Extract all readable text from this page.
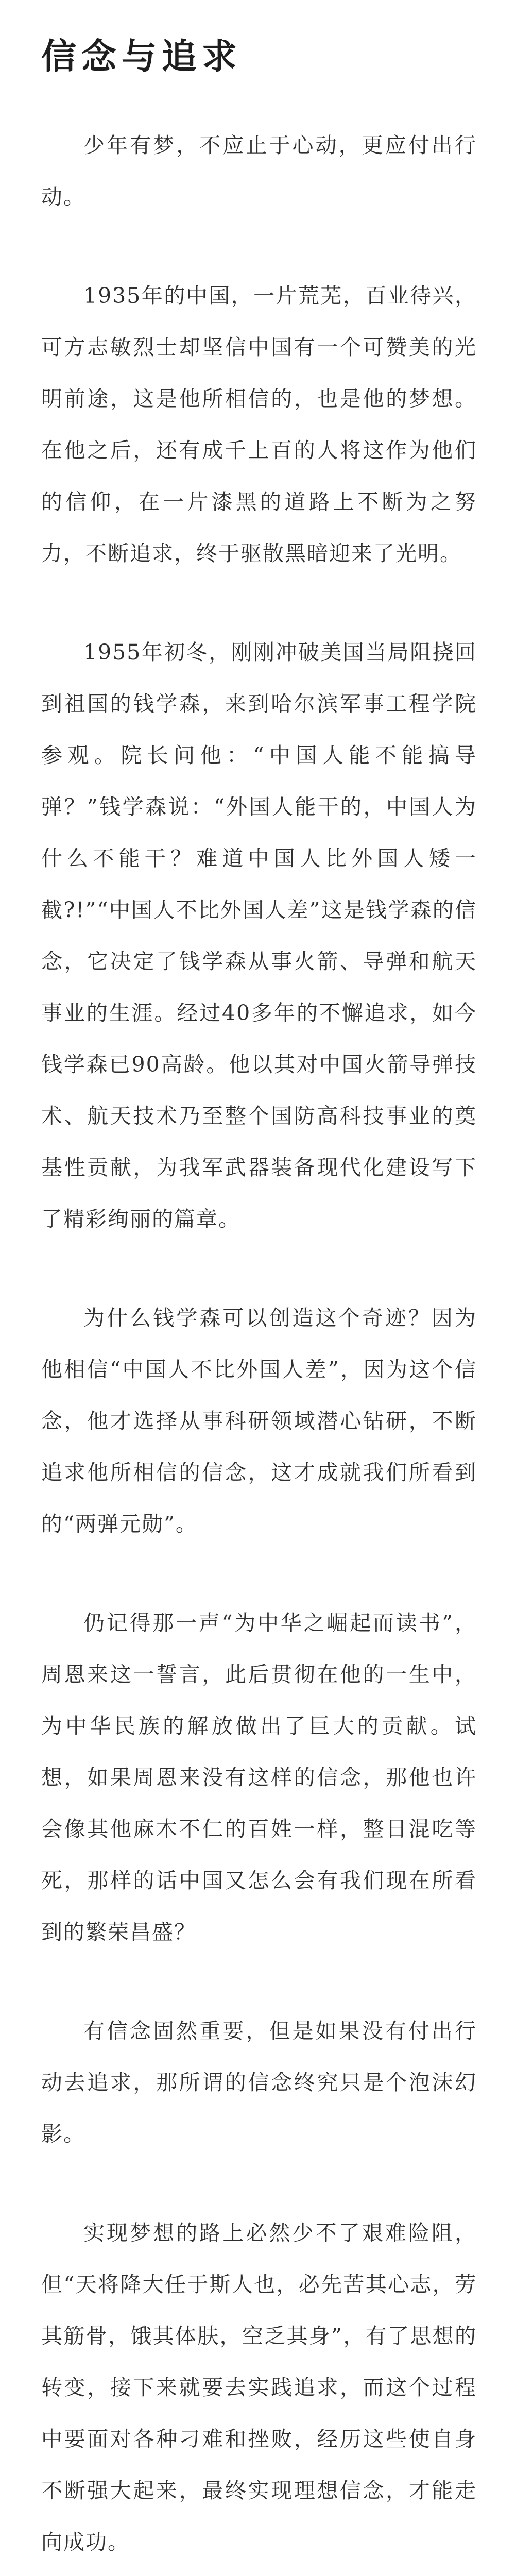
信念与追求

少年有梦，不应止于心动，更应付出行动。

1935年的中国，一片荒芜，百业待兴，可方志敏烈士却坚信中国有一个可赞美的光明前途，这是他所相信的，也是他的梦想。在他之后，还有成千上百的人将这作为他们的信仰，在一片漆黑的道路上不断为之努力，不断追求，终于驱散黑暗迎来了光明。

1955年初冬，刚刚冲破美国当局阻挠回到祖国的钱学森，来到哈尔滨军事工程学院参观。院长问他：“中国人能不能搞导弹？”钱学森说：“外国人能干的，中国人为什么不能干？难道中国人比外国人矮一截?!”“中国人不比外国人差”这是钱学森的信念，它决定了钱学森从事火箭、导弹和航天事业的生涯。经过40多年的不懈追求，如今钱学森已90高龄。他以其对中国火箭导弹技术、航天技术乃至整个国防高科技事业的奠基性贡献，为我军武器装备现代化建设写下了精彩绚丽的篇章。

为什么钱学森可以创造这个奇迹？因为他相信“中国人不比外国人差”，因为这个信念，他才选择从事科研领域潜心钻研，不断追求他所相信的信念，这才成就我们所看到的“两弹元勋”。

仍记得那一声“为中华之崛起而读书”，周恩来这一誓言，此后贯彻在他的一生中，为中华民族的解放做出了巨大的贡献。试想，如果周恩来没有这样的信念，那他也许会像其他麻木不仁的百姓一样，整日混吃等死，那样的话中国又怎么会有我们现在所看到的繁荣昌盛？

有信念固然重要，但是如果没有付出行动去追求，那所谓的信念终究只是个泡沫幻影。

实现梦想的路上必然少不了艰难险阻，但“天将降大任于斯人也，必先苦其心志，劳其筋骨，饿其体肤，空乏其身”，有了思想的转变，接下来就要去实践追求，而这个过程中要面对各种刁难和挫败，经历这些使自身不断强大起来，最终实现理想信念，才能走向成功。
